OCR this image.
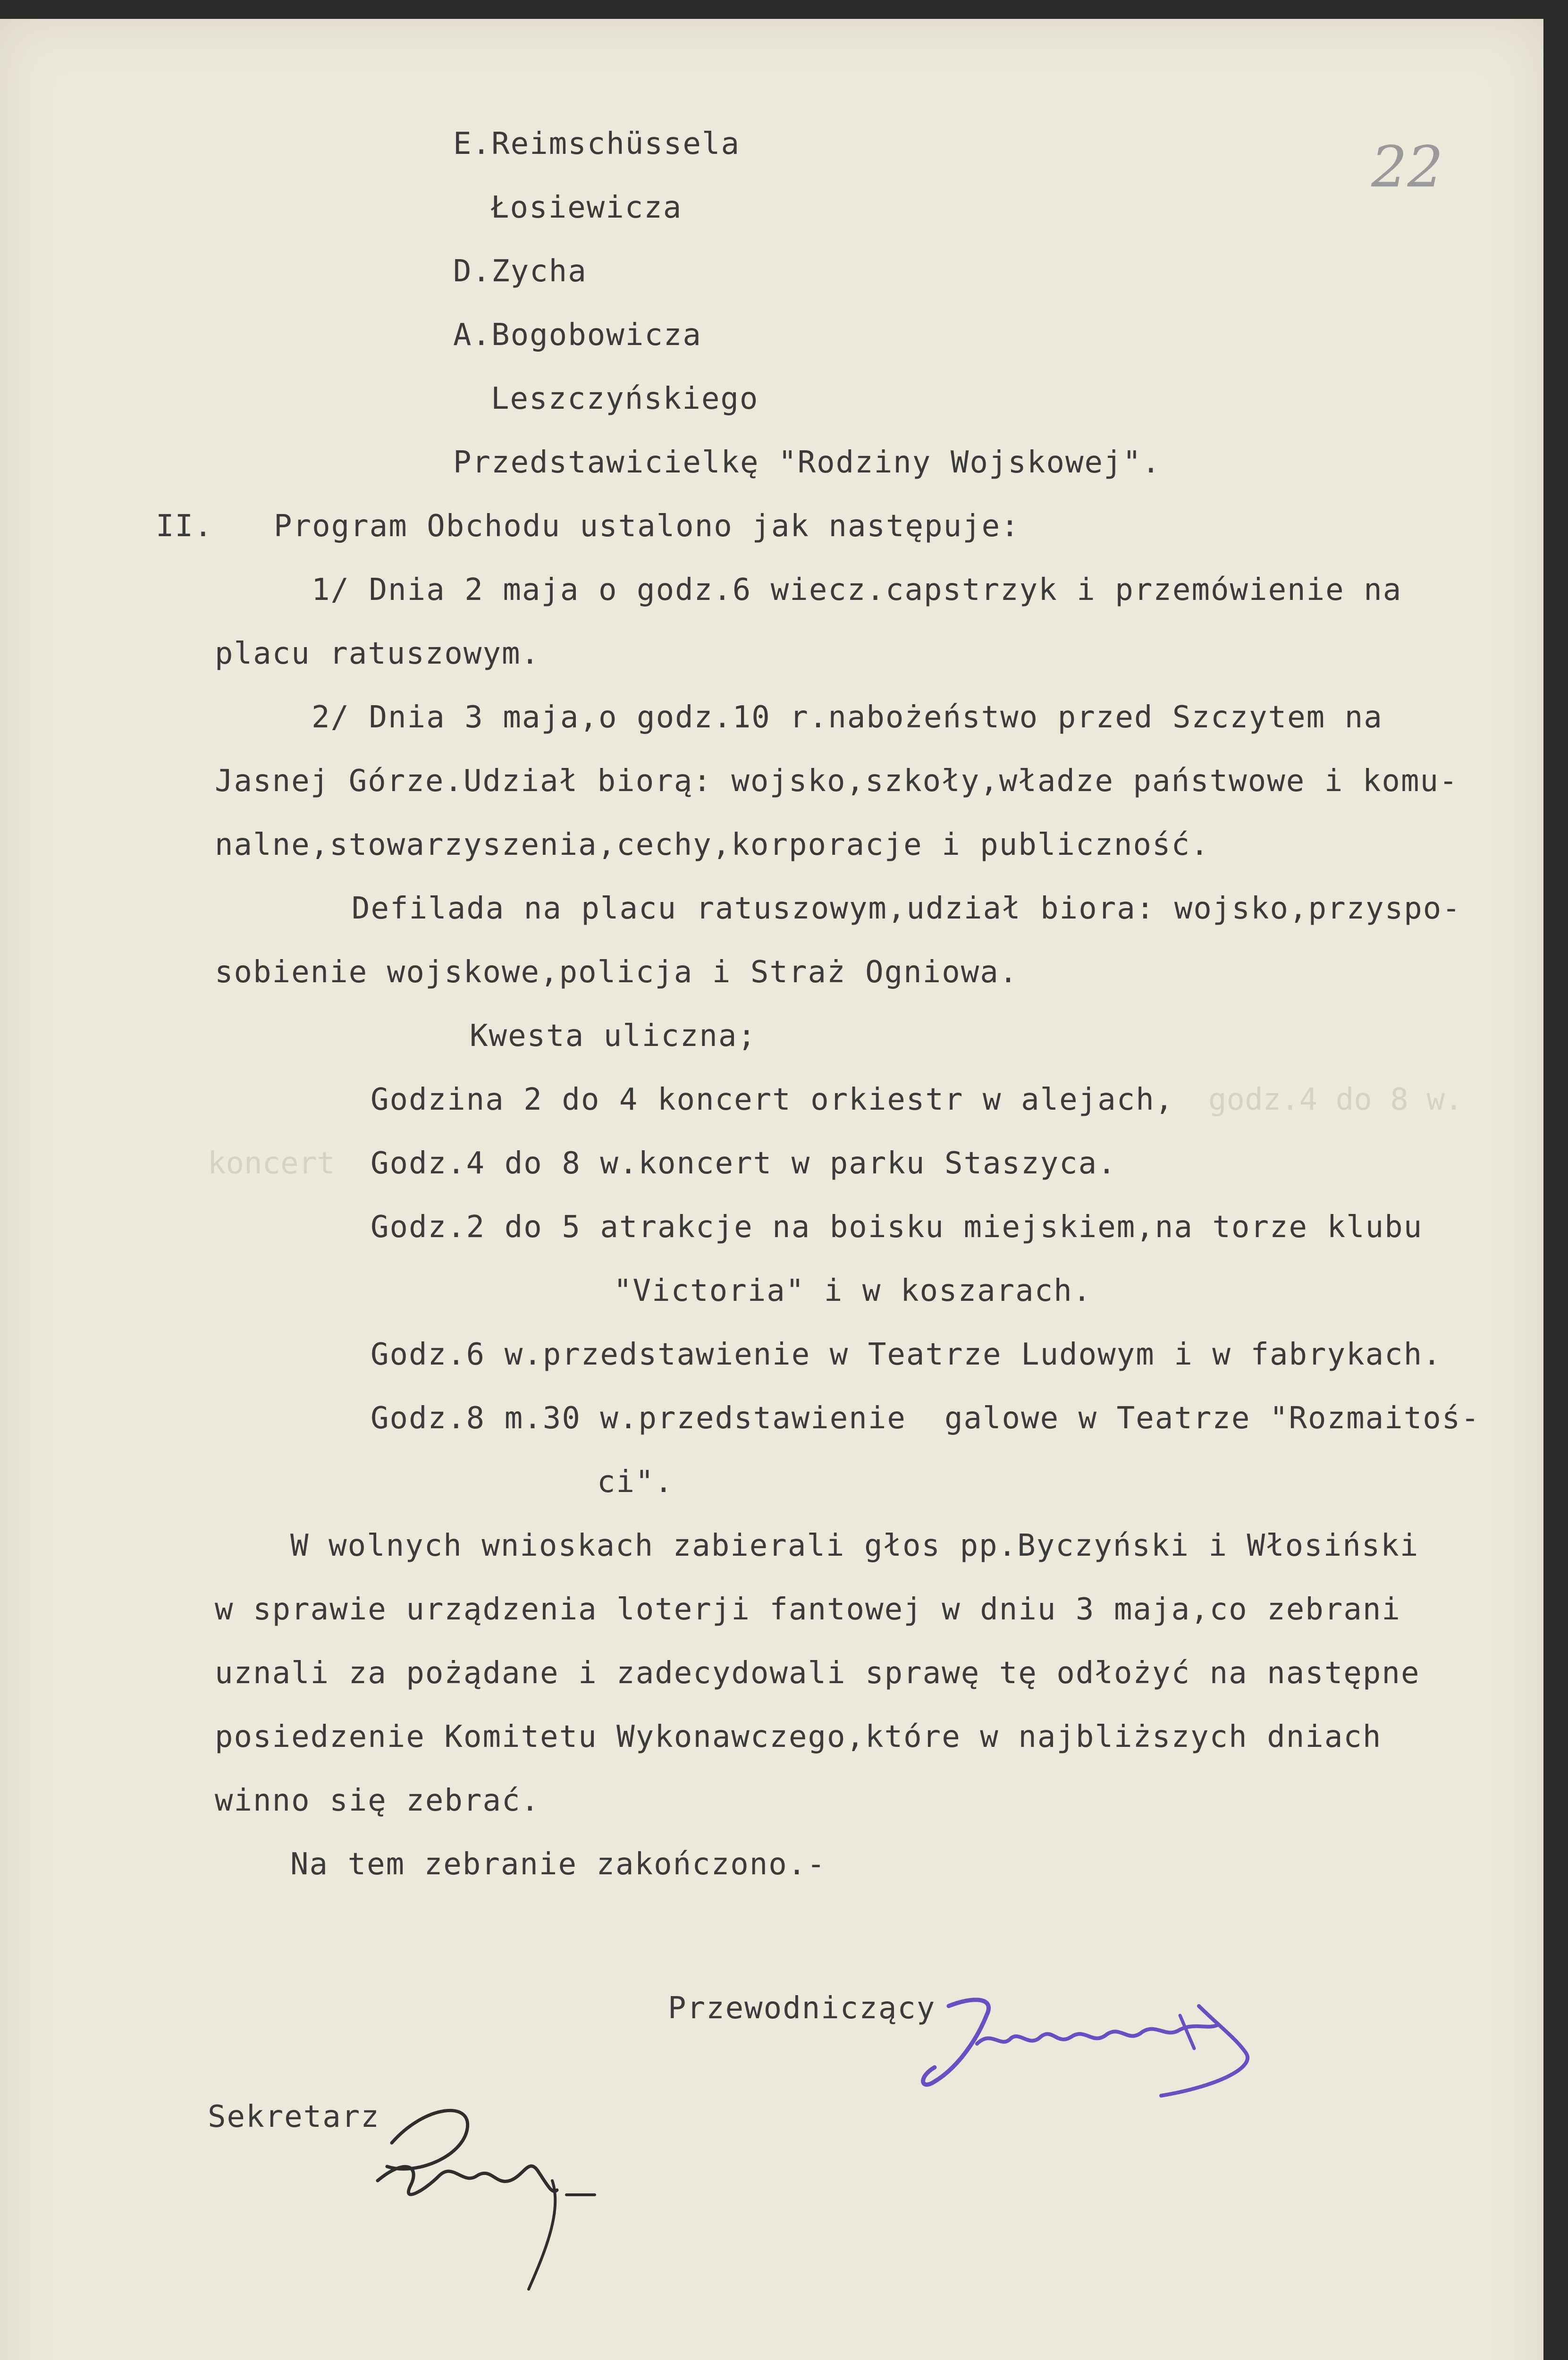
22
E.Reimschüssela
Łosiewicza
D.Zycha
A.Bogobowicza
Leszczyńskiego
Przedstawicielkę "Rodziny Wojskowej".
II. Program Obchodu ustalono jak następuje:
1/ Dnia 2 maja o godz.6 wiecz.capstrzyk i przemówienie na
placu ratuszowym.
2/ Dnia 3 maja,o godz.10 r.nabożeństwo przed Szczytem na
Jasnej Górze.Udział biorą: wojsko,szkoły,władze państwowe i komu-
nalne,stowarzyszenia,cechy,korporacje i publiczność.
Defilada na placu ratuszowym,udział biora: wojsko,przyspo-
sobienie wojskowe,policja i Straż Ogniowa.
Kwesta uliczna;
godz.4 do 8 w.
koncert
Godzina 2 do 4 koncert orkiestr w alejach,
Godz.4 do 8 w.koncert w parku Staszyca.
Godz.2 do 5 atrakcje na boisku miejskiem,na torze klubu
"Victoria" i w koszarach.
Godz.6 w.przedstawienie w Teatrze Ludowym i w fabrykach.
Godz.8 m.30 w.przedstawienie  galowe w Teatrze "Rozmaitoś-
ci".
W wolnych wnioskach zabierali głos pp.Byczyński i Włosiński
w sprawie urządzenia loterji fantowej w dniu 3 maja,co zebrani
uznali za pożądane i zadecydowali sprawę tę odłożyć na następne
posiedzenie Komitetu Wykonawczego,które w najbliższych dniach
winno się zebrać.
Na tem zebranie zakończono.-
Przewodniczący
Sekretarz
